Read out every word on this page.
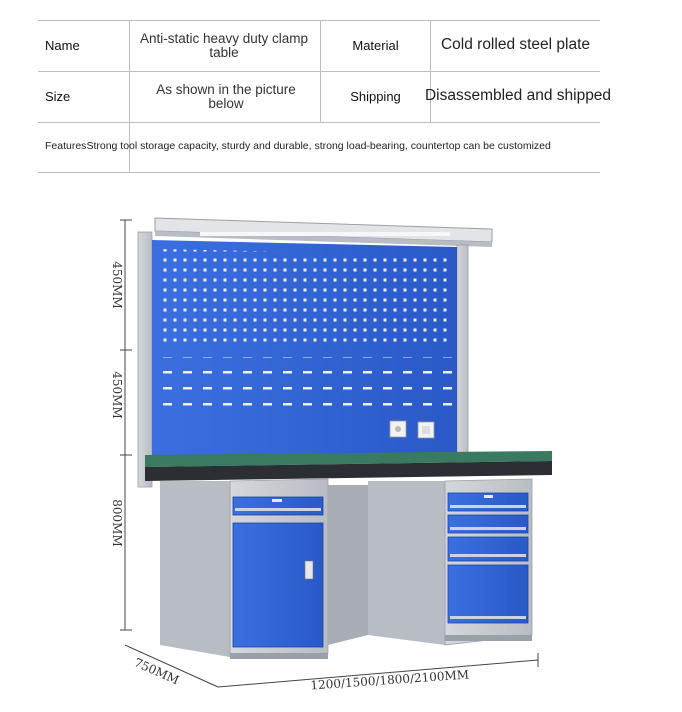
Name	Anti-static heavy duty clamp table	Material	Cold rolled steel plate
Size	As shown in the picture below	Shipping	Disassembled and shipped
Features Strong tool storage capacity, sturdy and durable, strong load-bearing, countertop can be customized
450MM
450MM
800MM
750MM	1200/1500/1800/2100MM
